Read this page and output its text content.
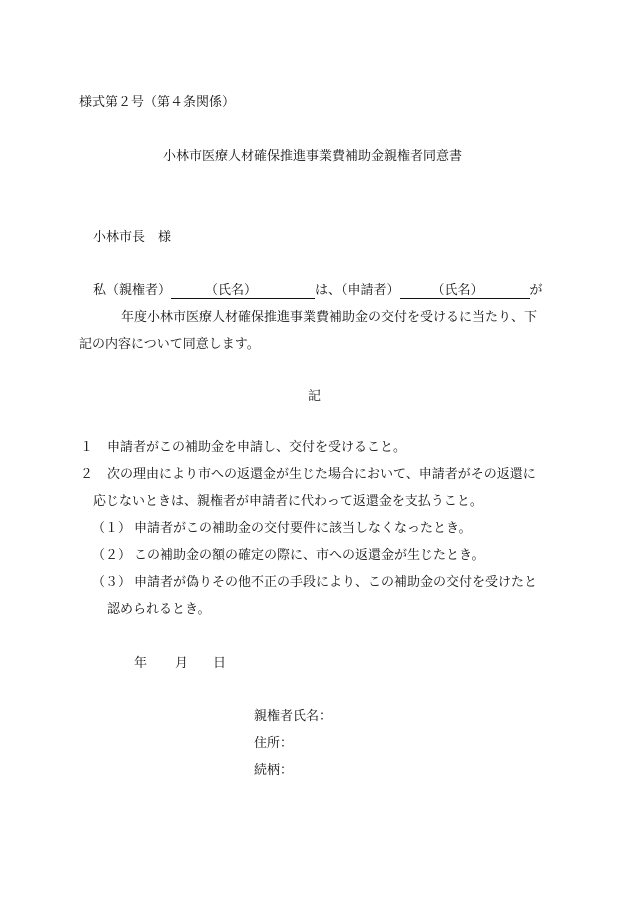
様式第２号（第４条関係）
小林市医療人材確保推進事業費補助金親権者同意書
小林市長　様
私（親権者）	（氏名）	は、（申請者） （氏名）	が
年度小林市医療人材確保推進事業費補助金の交付を受けるに当たり、下
記の内容について同意します。
記
１ 申請者がこの補助金を申請し、交付を受けること。
２ 次の理由により市への返還金が生じた場合において、申請者がその返還に
応じないときは、親権者が申請者に代わって返還金を支払うこと。
（１） 申請者がこの補助金の交付要件に該当しなくなったとき。
（２） この補助金の額の確定の際に、市への返還金が生じたとき。
（３） 申請者が偽りその他不正の手段により、この補助金の交付を受けたと
認められるとき。
年 月 日
親権者氏名：
住所：
続柄：
